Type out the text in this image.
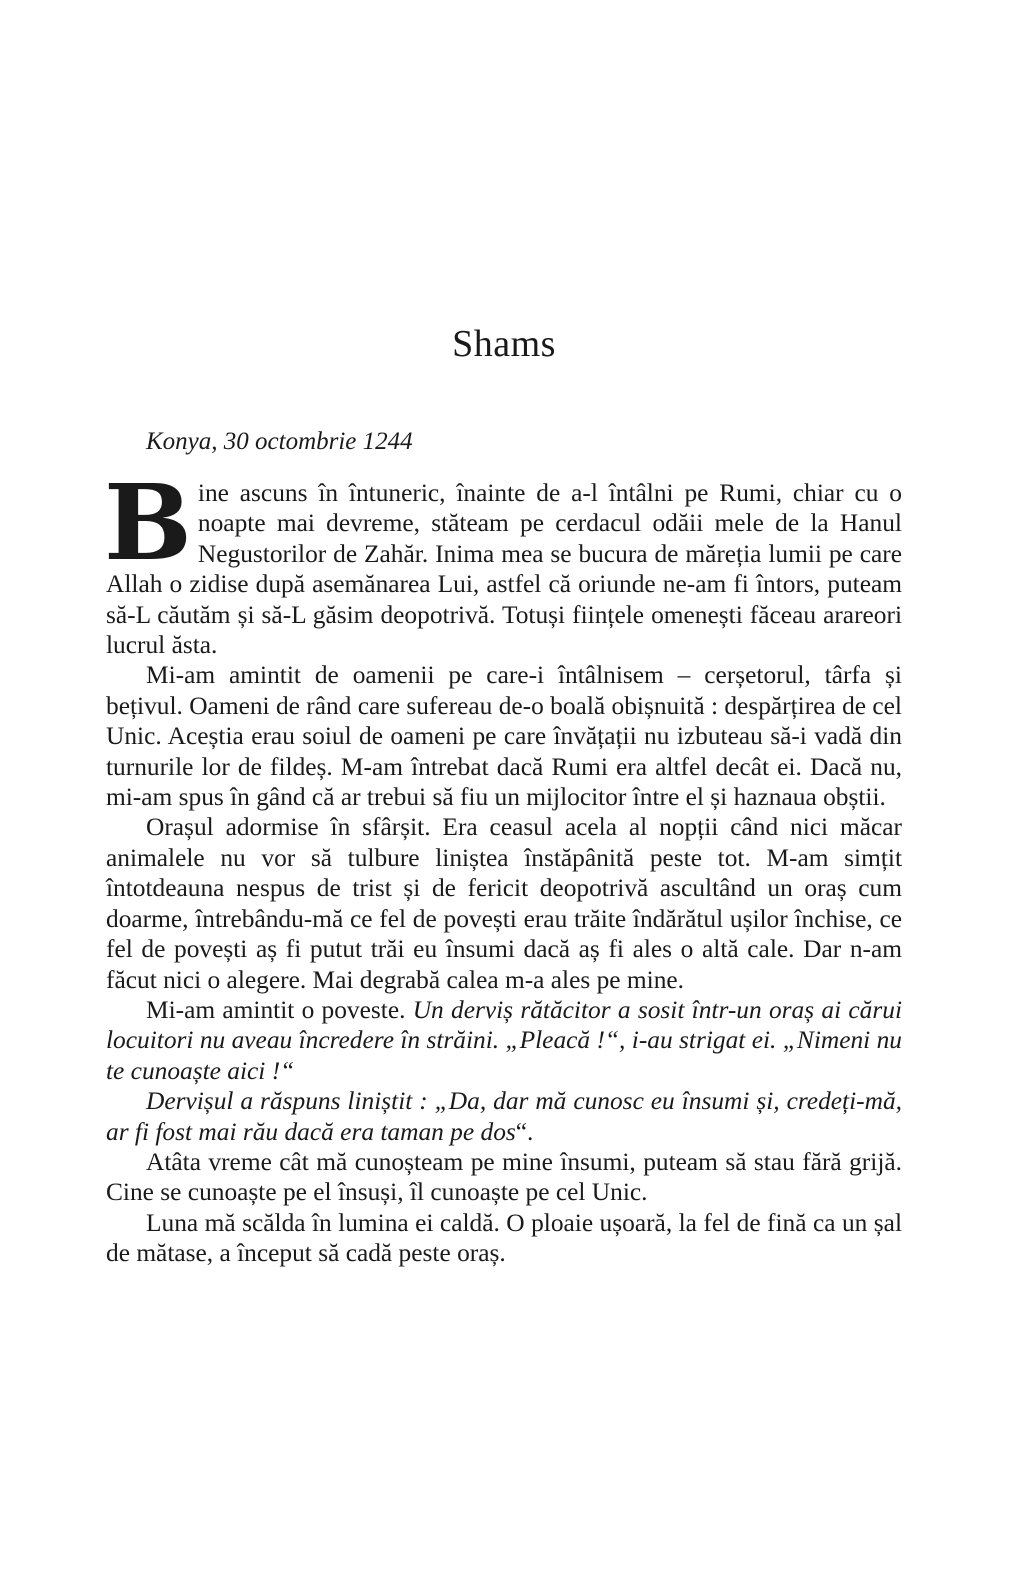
Shams
Konya, 30 octombrie 1244

Bine ascuns în întuneric, înainte de a-l întâlni pe Rumi, chiar cu o noapte mai devreme, stăteam pe cerdacul odăii mele de la Hanul Negustorilor de Zahăr. Inima mea se bucura de măreția lumii pe care Allah o zidise după asemănarea Lui, astfel că oriunde ne-am fi întors, puteam să-L căutăm și să-L găsim deopotrivă. Totuși ființele omenești făceau arareori lucrul ăsta.

Mi-am amintit de oamenii pe care-i întâlnisem – cerșetorul, târfa și bețivul. Oameni de rând care sufereau de-o boală obișnuită : despărțirea de cel Unic. Aceștia erau soiul de oameni pe care învățații nu izbuteau să-i vadă din turnurile lor de fildeș. M-am întrebat dacă Rumi era altfel decât ei. Dacă nu, mi-am spus în gând că ar trebui să fiu un mijlocitor între el și haznaua obștii.

Orașul adormise în sfârșit. Era ceasul acela al nopții când nici măcar animalele nu vor să tulbure liniștea înstăpânită peste tot. M-am simțit întotdeauna nespus de trist și de fericit deopotrivă ascultând un oraș cum doarme, întrebându-mă ce fel de povești erau trăite îndărătul ușilor închise, ce fel de povești aș fi putut trăi eu însumi dacă aș fi ales o altă cale. Dar n-am făcut nici o alegere. Mai degrabă calea m-a ales pe mine.

Mi-am amintit o poveste. Un derviș rătăcitor a sosit într-un oraș ai cărui locuitori nu aveau încredere în străini. „Pleacă !“, i-au strigat ei. „Nimeni nu te cunoaște aici !“

Dervișul a răspuns liniștit : „Da, dar mă cunosc eu însumi și, credeți-mă, ar fi fost mai rău dacă era taman pe dos“.

Atâta vreme cât mă cunoșteam pe mine însumi, puteam să stau fără grijă. Cine se cunoaște pe el însuși, îl cunoaște pe cel Unic.

Luna mă scălda în lumina ei caldă. O ploaie ușoară, la fel de fină ca un șal de mătase, a început să cadă peste oraș.
